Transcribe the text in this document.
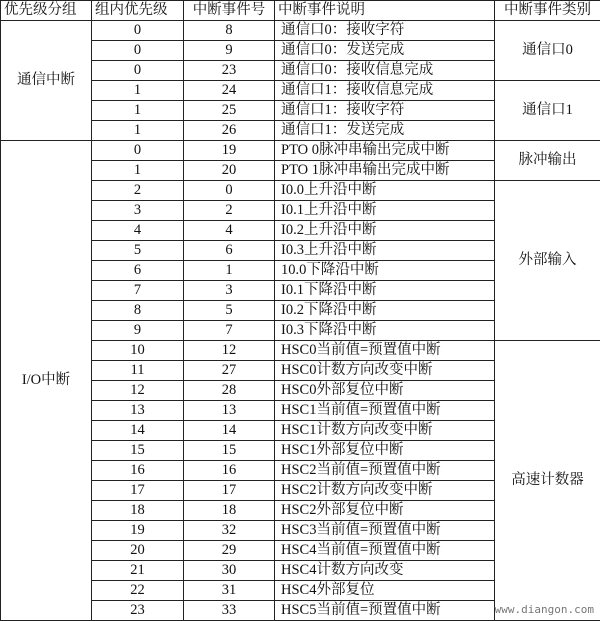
优先级分组	组内优先级	中断事件号	中断事件说明	中断事件类别
通信中断	0	8	通信口0：接收字符	通信口0
	0	9	通信口0：发送完成	
	0	23	通信口0：接收信息完成	
	1	24	通信口1：接收信息完成	通信口1
	1	25	通信口1：接收字符	
	1	26	通信口1：发送完成	
I/O中断	0	19	PTO 0脉冲串输出完成中断	脉冲输出
	1	20	PTO 1脉冲串输出完成中断	
	2	0	I0.0上升沿中断	外部输入
	3	2	I0.1上升沿中断	
	4	4	I0.2上升沿中断	
	5	6	I0.3上升沿中断	
	6	1	10.0下降沿中断	
	7	3	I0.1下降沿中断	
	8	5	I0.2下降沿中断	
	9	7	I0.3下降沿中断	
	10	12	HSC0当前值=预置值中断	高速计数器
	11	27	HSC0计数方向改变中断	
	12	28	HSC0外部复位中断	
	13	13	HSC1当前值=预置值中断	
	14	14	HSC1计数方向改变中断	
	15	15	HSC1外部复位中断	
	16	16	HSC2当前值=预置值中断	
	17	17	HSC2计数方向改变中断	
	18	18	HSC2外部复位中断	
	19	32	HSC3当前值=预置值中断	
	20	29	HSC4当前值=预置值中断	
	21	30	HSC4计数方向改变	
	22	31	HSC4外部复位	
	23	33	HSC5当前值=预置值中断		www.diangon.com
